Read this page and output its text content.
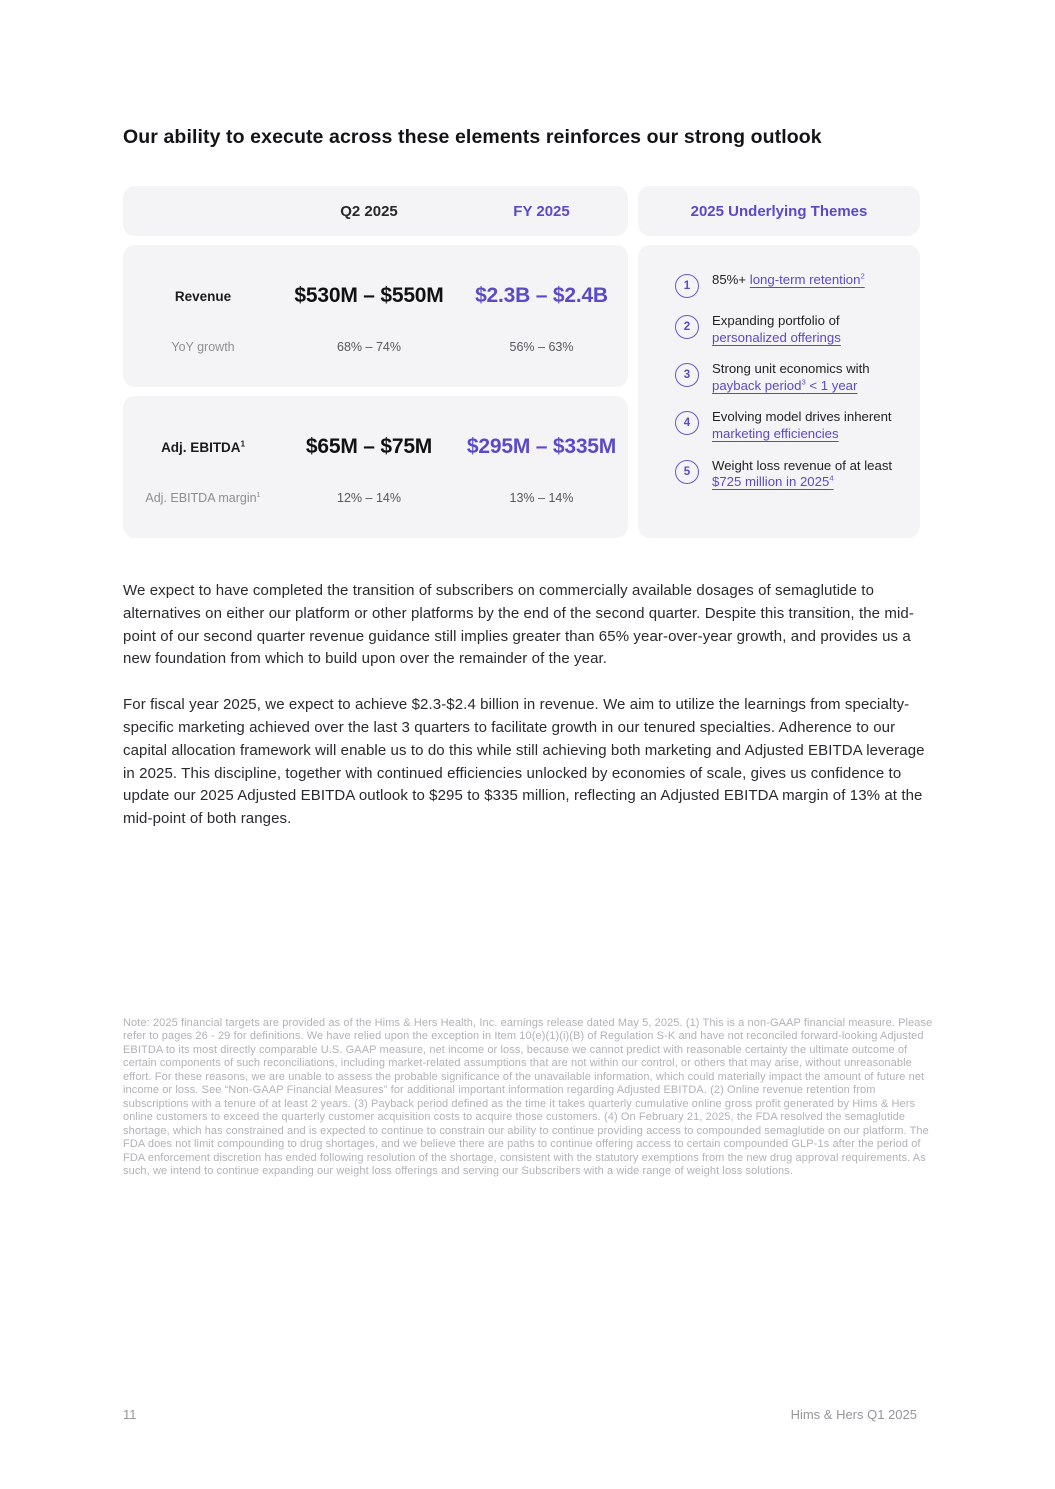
Our ability to execute across these elements reinforces our strong outlook
Q2 2025	FY 2025
Revenue	$530M – $550M	$2.3B – $2.4B
YoY growth	68% – 74%	56% – 63%
Adj. EBITDA$^1$	$65M – $75M	$295M – $335M
Adj. EBITDA margin$^1$	12% – 14%	13% – 14%
2025 Underlying Themes
1	85%+ long-term retention$^2$
2	Expanding portfolio of personalized offerings
3	Strong unit economics with payback period$^3$ < 1 year
4	Evolving model drives inherent marketing efficiencies
5	Weight loss revenue of at least $725 million in 2025$^4$

We expect to have completed the transition of subscribers on commercially available dosages of semaglutide to alternatives on either our platform or other platforms by the end of the second quarter. Despite this transition, the mid-point of our second quarter revenue guidance still implies greater than 65% year-over-year growth, and provides us a new foundation from which to build upon over the remainder of the year.

For fiscal year 2025, we expect to achieve $2.3-$2.4 billion in revenue. We aim to utilize the learnings from specialty-specific marketing achieved over the last 3 quarters to facilitate growth in our tenured specialties. Adherence to our capital allocation framework will enable us to do this while still achieving both marketing and Adjusted EBITDA leverage in 2025. This discipline, together with continued efficiencies unlocked by economies of scale, gives us confidence to update our 2025 Adjusted EBITDA outlook to $295 to $335 million, reflecting an Adjusted EBITDA margin of 13% at the mid-point of both ranges.

Note: 2025 financial targets are provided as of the Hims & Hers Health, Inc. earnings release dated May 5, 2025. (1) This is a non-GAAP financial measure. Please refer to pages 26 - 29 for definitions. We have relied upon the exception in Item 10(e)(1)(i)(B) of Regulation S-K and have not reconciled forward-looking Adjusted EBITDA to its most directly comparable U.S. GAAP measure, net income or loss, because we cannot predict with reasonable certainty the ultimate outcome of certain components of such reconciliations, including market-related assumptions that are not within our control, or others that may arise, without unreasonable effort. For these reasons, we are unable to assess the probable significance of the unavailable information, which could materially impact the amount of future net income or loss. See “Non-GAAP Financial Measures” for additional important information regarding Adjusted EBITDA. (2) Online revenue retention from subscriptions with a tenure of at least 2 years. (3) Payback period defined as the time it takes quarterly cumulative online gross profit generated by Hims & Hers online customers to exceed the quarterly customer acquisition costs to acquire those customers. (4) On February 21, 2025, the FDA resolved the semaglutide shortage, which has constrained and is expected to continue to constrain our ability to continue providing access to compounded semaglutide on our platform. The FDA does not limit compounding to drug shortages, and we believe there are paths to continue offering access to certain compounded GLP-1s after the period of FDA enforcement discretion has ended following resolution of the shortage, consistent with the statutory exemptions from the new drug approval requirements. As such, we intend to continue expanding our weight loss offerings and serving our Subscribers with a wide range of weight loss solutions.

11	Hims & Hers Q1 2025
